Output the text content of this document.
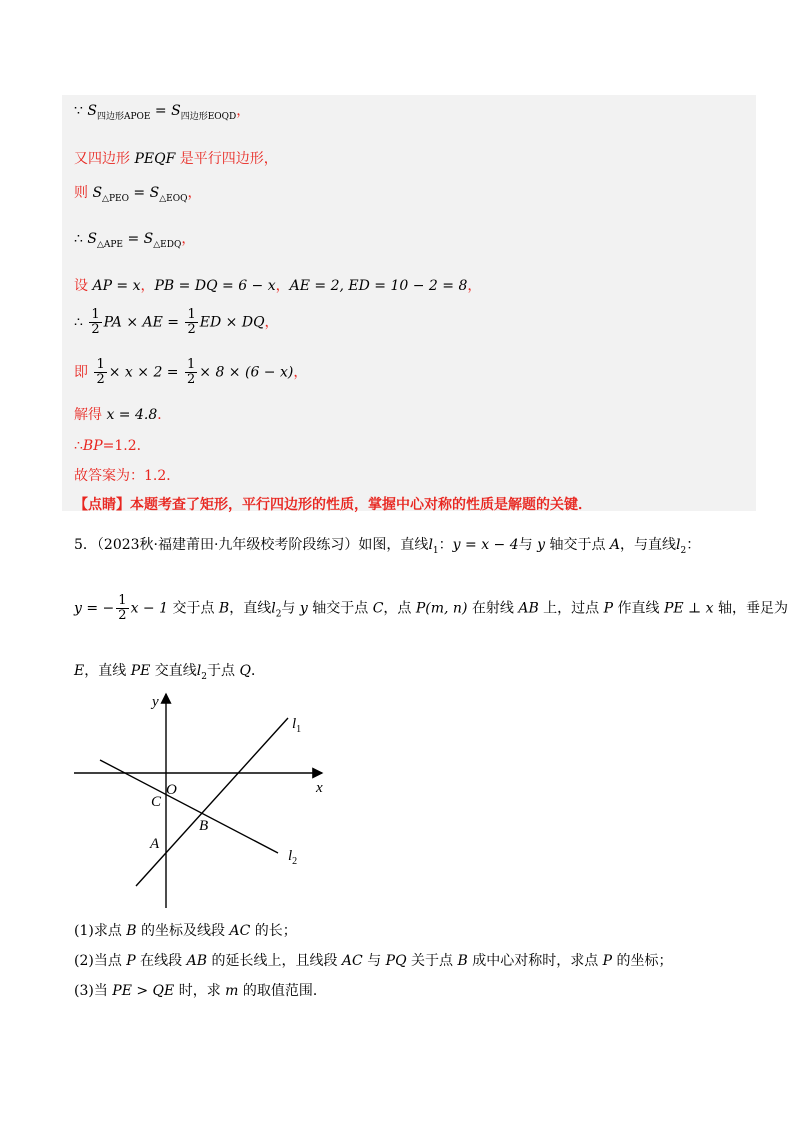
∵ $S_{四边形APOE} = S_{四边形EOQD}$，
又四边形 PEQF 是平行四边形，
则 $S_{\triangle PEO} = S_{\triangle EOQ}$，
∴ $S_{\triangle APE} = S_{\triangle EDQ}$，
设 AP = x，PB = DQ = 6 − x，AE = 2, ED = 10 − 2 = 8，
∴ $\frac{1}{2}$ PA × AE = $\frac{1}{2}$ ED × DQ，
即 $\frac{1}{2} \times x \times 2 = \frac{1}{2} \times 8 \times (6 - x)$，
解得 x = 4.8．
∴BP=1.2．
故答案为：1.2．
【点睛】本题考查了矩形，平行四边形的性质，掌握中心对称的性质是解题的关键．
5．（2023秋·福建莆田·九年级校考阶段练习）如图，直线$l_1$：y = x − 4与 y 轴交于点 A，与直线$l_2$：
y = − $\frac{1}{2}$ x − 1 交于点 B，直线$l_2$与 y 轴交于点 C，点 P(m, n) 在射线 AB 上，过点 P 作直线 PE ⊥ x 轴，垂足为
E，直线 PE 交直线$l_2$于点 Q．
y
x
O
C
B
A
$l_1$
$l_2$
(1)求点 B 的坐标及线段 AC 的长；
(2)当点 P 在线段 AB 的延长线上，且线段 AC 与 PQ 关于点 B 成中心对称时，求点 P 的坐标；
(3)当 PE > QE 时，求 m 的取值范围．
